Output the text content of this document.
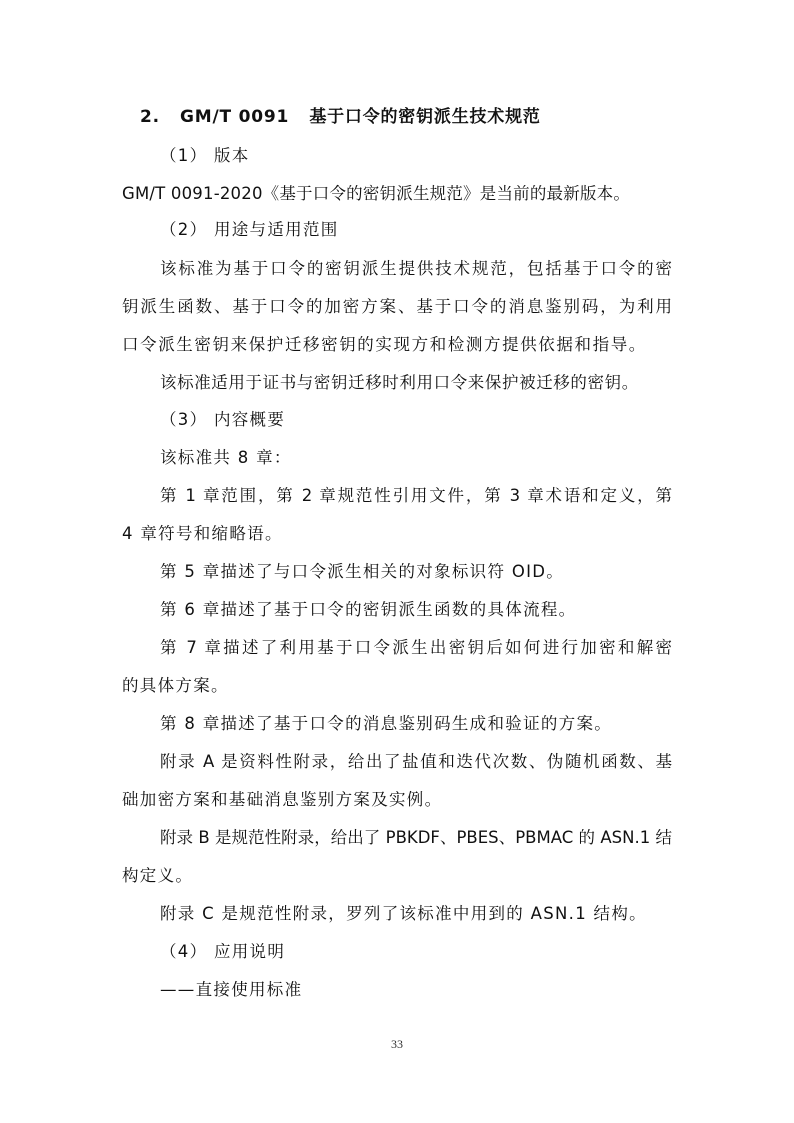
2. GM/T 0091 基于口令的密钥派生技术规范
（1） 版本
GM/T 0091-2020《基于口令的密钥派生规范》是当前的最新版本。
（2） 用途与适用范围
该标准为基于口令的密钥派生提供技术规范，包括基于口令的密
钥派生函数、基于口令的加密方案、基于口令的消息鉴别码，为利用
口令派生密钥来保护迁移密钥的实现方和检测方提供依据和指导。
该标准适用于证书与密钥迁移时利用口令来保护被迁移的密钥。
（3） 内容概要
该标准共 8 章：
第 1 章范围，第 2 章规范性引用文件，第 3 章术语和定义，第
4 章符号和缩略语。
第 5 章描述了与口令派生相关的对象标识符 OID。
第 6 章描述了基于口令的密钥派生函数的具体流程。
第 7 章描述了利用基于口令派生出密钥后如何进行加密和解密
的具体方案。
第 8 章描述了基于口令的消息鉴别码生成和验证的方案。
附录 A 是资料性附录，给出了盐值和迭代次数、伪随机函数、基
础加密方案和基础消息鉴别方案及实例。
附录 B 是规范性附录，给出了 PBKDF、PBES、PBMAC 的 ASN.1 结
构定义。
附录 C 是规范性附录，罗列了该标准中用到的 ASN.1 结构。
（4） 应用说明
——直接使用标准
33
